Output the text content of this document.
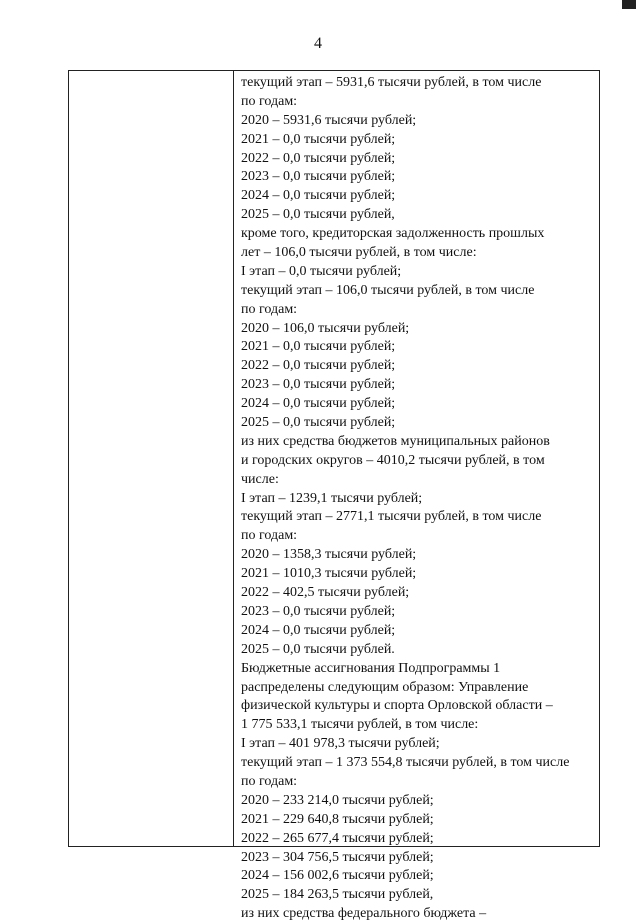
4
текущий этап – 5931,6 тысячи рублей, в том числе
по годам:
2020 – 5931,6 тысячи рублей;
2021 – 0,0 тысячи рублей;
2022 – 0,0 тысячи рублей;
2023 – 0,0 тысячи рублей;
2024 – 0,0 тысячи рублей;
2025 – 0,0 тысячи рублей,
кроме того, кредиторская задолженность прошлых
лет – 106,0 тысячи рублей, в том числе:
I этап – 0,0 тысячи рублей;
текущий этап – 106,0 тысячи рублей, в том числе
по годам:
2020 – 106,0 тысячи рублей;
2021 – 0,0 тысячи рублей;
2022 – 0,0 тысячи рублей;
2023 – 0,0 тысячи рублей;
2024 – 0,0 тысячи рублей;
2025 – 0,0 тысячи рублей;
из них средства бюджетов муниципальных районов
и городских округов – 4010,2 тысячи рублей, в том
числе:
I этап – 1239,1 тысячи рублей;
текущий этап – 2771,1 тысячи рублей, в том числе
по годам:
2020 – 1358,3 тысячи рублей;
2021 – 1010,3 тысячи рублей;
2022 – 402,5 тысячи рублей;
2023 – 0,0 тысячи рублей;
2024 – 0,0 тысячи рублей;
2025 – 0,0 тысячи рублей.
Бюджетные ассигнования Подпрограммы 1
распределены следующим образом: Управление
физической культуры и спорта Орловской области –
1 775 533,1 тысячи рублей, в том числе:
I этап – 401 978,3 тысячи рублей;
текущий этап – 1 373 554,8 тысячи рублей, в том числе
по годам:
2020 – 233 214,0 тысячи рублей;
2021 – 229 640,8 тысячи рублей;
2022 – 265 677,4 тысячи рублей;
2023 – 304 756,5 тысячи рублей;
2024 – 156 002,6 тысячи рублей;
2025 – 184 263,5 тысячи рублей,
из них средства федерального бюджета –
